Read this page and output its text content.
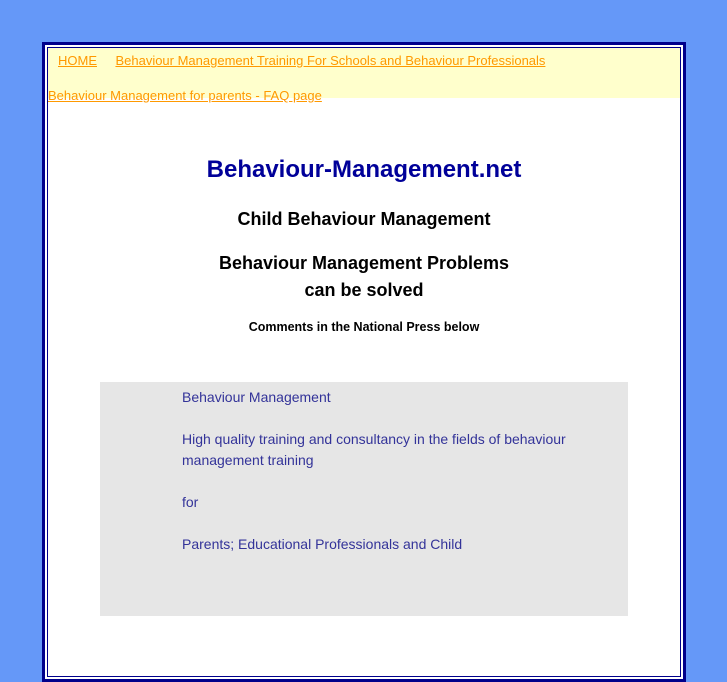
HOME Behaviour Management Training For Schools and Behaviour Professionals
Behaviour Management for parents - FAQ page
Behaviour-Management.net
Child Behaviour Management
Behaviour Management Problems
can be solved
Comments in the National Press below

Behaviour Management

High quality training and consultancy in the fields of behaviour management training

for

Parents; Educational Professionals and Child
